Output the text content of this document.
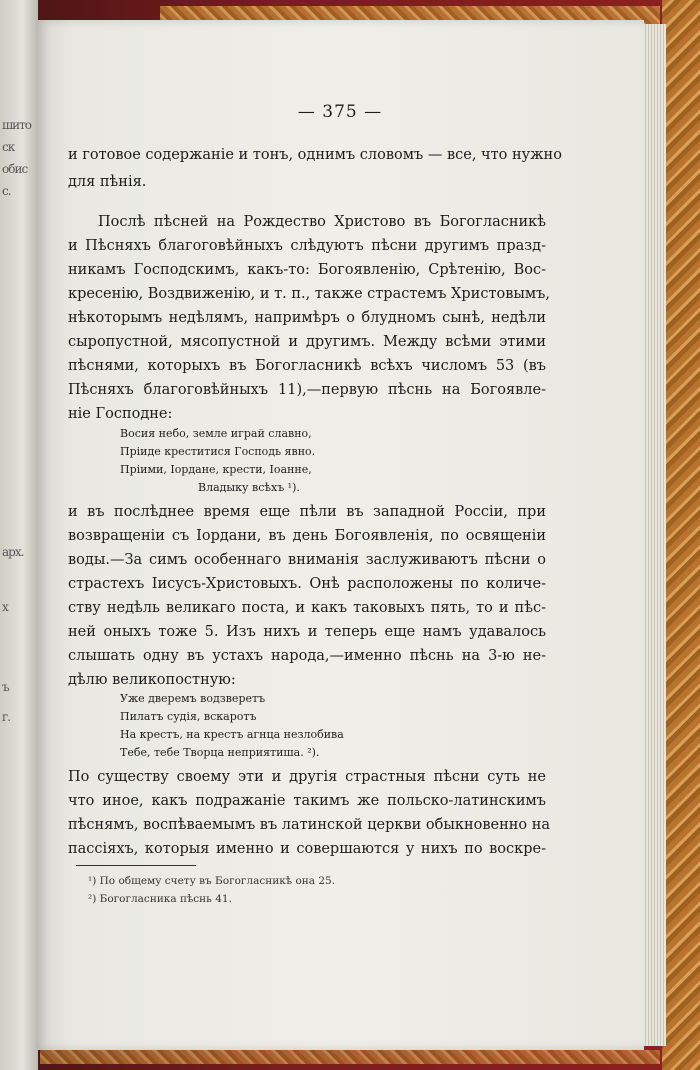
шито
ск
обис
с.
арх.
х
ъ
г.
— 375 —
и готовое содержаніе и тонъ, однимъ словомъ — все, что нужно
для пѣнія.
Послѣ пѣсней на Рождество Христово въ Богогласникѣ
и Пѣсняхъ благоговѣйныхъ слѣдуютъ пѣсни другимъ празд-
никамъ Господскимъ, какъ-то: Богоявленію, Срѣтенію, Вос-
кресенію, Воздвиженію, и т. п., также страстемъ Христовымъ,
нѣкоторымъ недѣлямъ, напримѣръ о блудномъ сынѣ, недѣли
сыропустной, мясопустной и другимъ. Между всѣми этими
пѣснями, которыхъ въ Богогласникѣ всѣхъ числомъ 53 (въ
Пѣсняхъ благоговѣйныхъ 11),—первую пѣснь на Богоявле-
ніе Господне:
Восия небо, земле играй славно,
Пріиде креститися Господь явно.
Пріими, Іордане, крести, Іоанне,
Владыку всѣхъ ¹).
и въ послѣднее время еще пѣли въ западной Россіи, при
возвращеніи съ Іордани, въ день Богоявленія, по освященіи
воды.—За симъ особеннаго вниманія заслуживаютъ пѣсни о
страстехъ Іисусъ-Христовыхъ. Онѣ расположены по количе-
ству недѣль великаго поста, и какъ таковыхъ пять, то и пѣс-
ней оныхъ тоже 5. Изъ нихъ и теперь еще намъ удавалось
слышать одну въ устахъ народа,—именно пѣснь на 3-ю не-
дѣлю великопостную:
Уже дверемъ водзверетъ
Пилатъ судія, вскаротъ
На крестъ, на крестъ агнца незлобива
Тебе, тебе Творца неприятиша. ²).
По существу своему эти и другія страстныя пѣсни суть не
что иное, какъ подражаніе такимъ же польско-латинскимъ
пѣснямъ, воспѣваемымъ въ латинской церкви обыкновенно на
пассіяхъ, которыя именно и совершаются у нихъ по воскре-
¹) По общему счету въ Богогласникѣ она 25.
²) Богогласника пѣснь 41.
